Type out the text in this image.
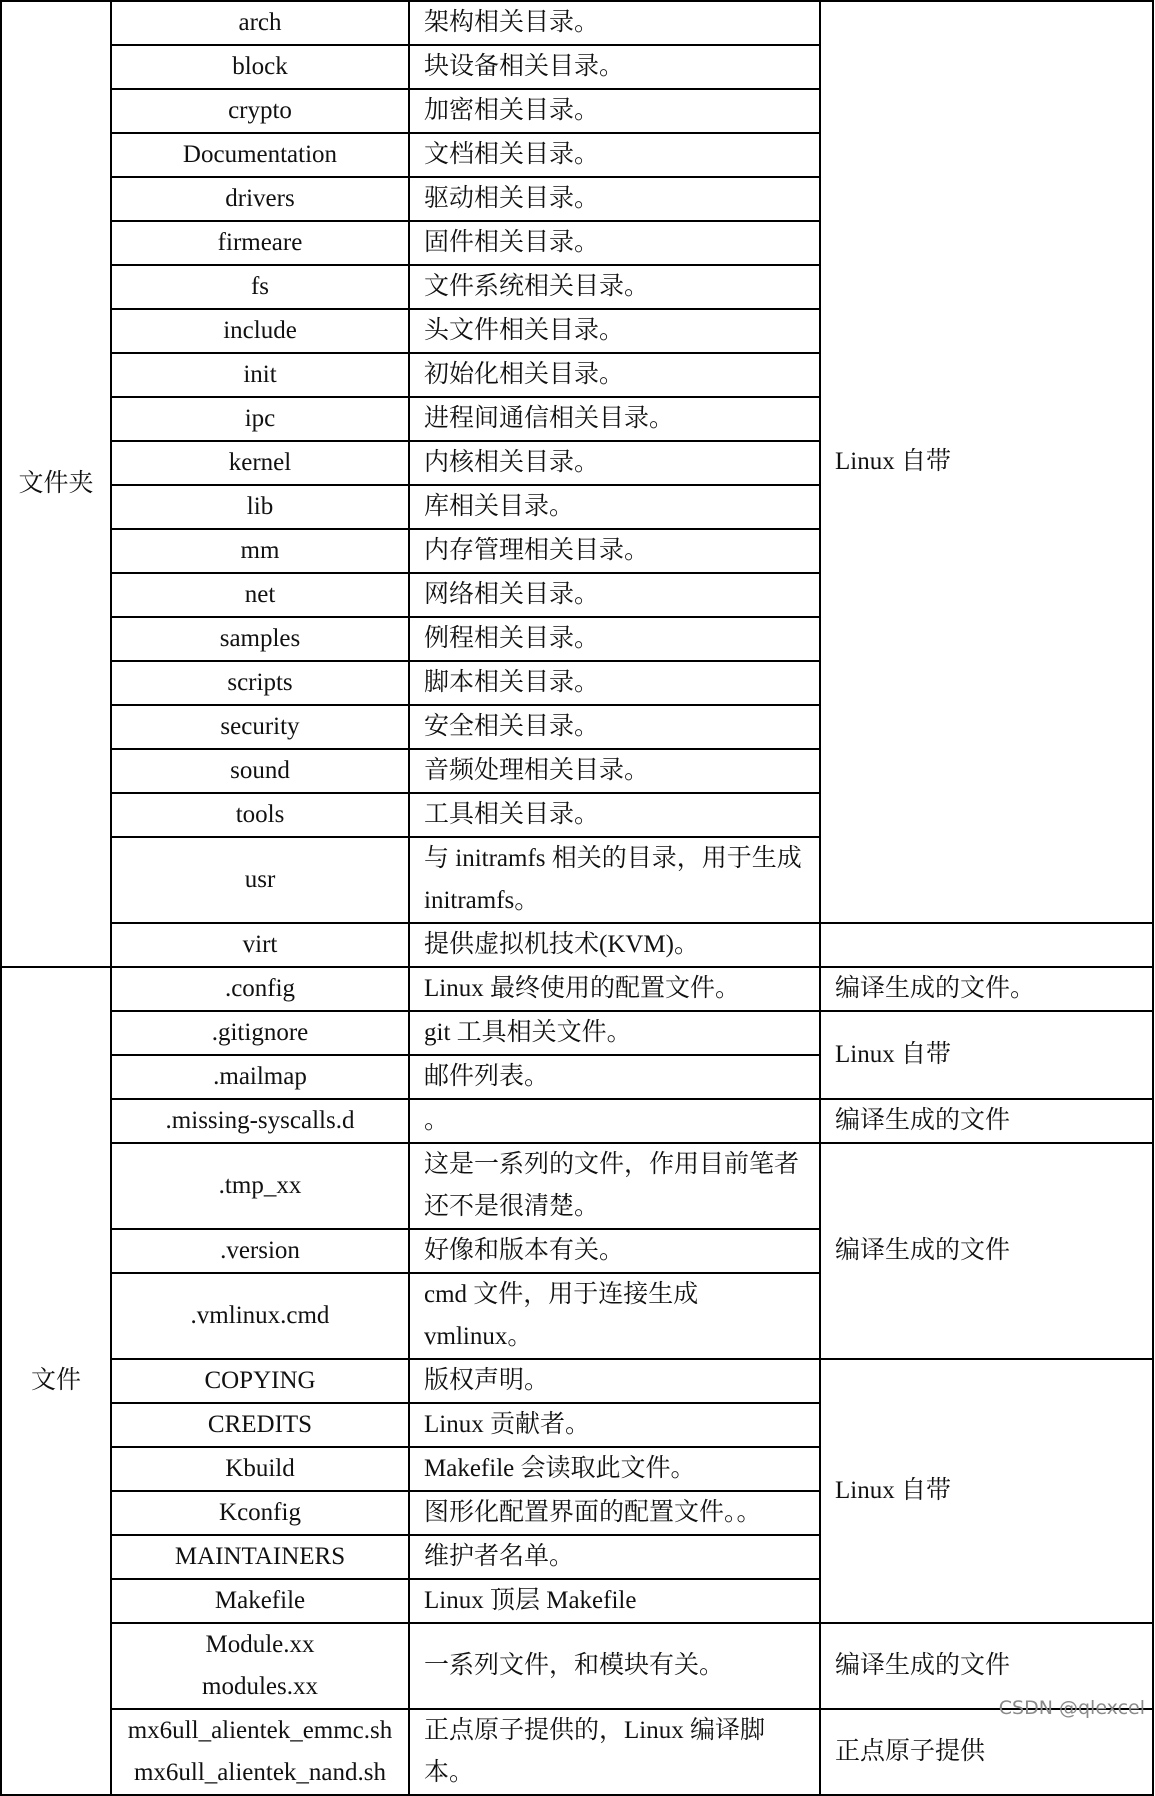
文件夹	arch	架构相关目录。	Linux 自带
	block	块设备相关目录。	
	crypto	加密相关目录。	
	Documentation	文档相关目录。	
	drivers	驱动相关目录。	
	firmeare	固件相关目录。	
	fs	文件系统相关目录。	
	include	头文件相关目录。	
	init	初始化相关目录。	
	ipc	进程间通信相关目录。	
	kernel	内核相关目录。	
	lib	库相关目录。	
	mm	内存管理相关目录。	
	net	网络相关目录。	
	samples	例程相关目录。	
	scripts	脚本相关目录。	
	security	安全相关目录。	
	sound	音频处理相关目录。	
	tools	工具相关目录。	
	usr	与 initramfs 相关的目录，用于生成
initramfs。	

	virt	提供虚拟机技术(KVM)。	
文件	.config	Linux 最终使用的配置文件。	编译生成的文件。
	.gitignore	git 工具相关文件。	Linux 自带
	.mailmap	邮件列表。	
	.missing-syscalls.d	。	编译生成的文件
	.tmp_xx	这是一系列的文件，作用目前笔者
还不是很清楚。	编译生成的文件
	.version	好像和版本有关。	
	.vmlinux.cmd	cmd 文件，用于连接生成 vmlinux。	
	COPYING	版权声明。	Linux 自带
	CREDITS	Linux 贡献者。	
	Kbuild	Makefile 会读取此文件。	
	Kconfig	图形化配置界面的配置文件。。	
	MAINTAINERS	维护者名单。	
	Makefile	Linux 顶层 Makefile	

	Module.xx
modules.xx	一系列文件，和模块有关。	编译生成的文件

	mx6ull_alientek_emmc.sh
mx6ull_alientek_nand.sh	正点原子提供的，Linux 编译脚本。	正点原子提供
CSDN @qlexcel
